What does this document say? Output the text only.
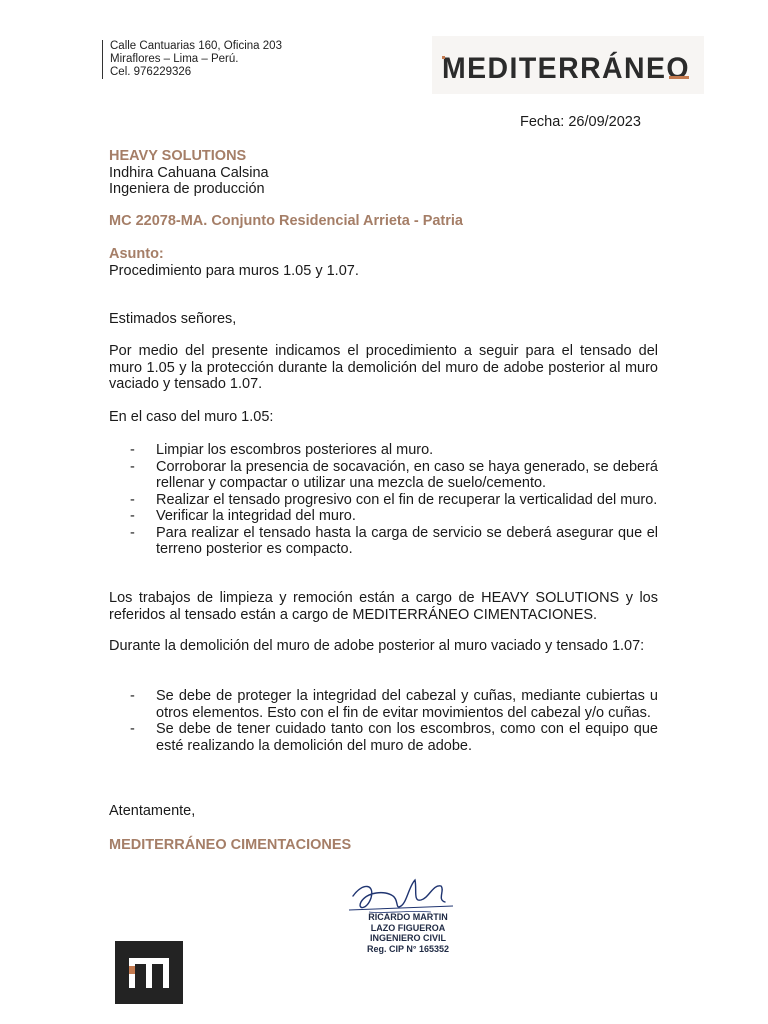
Calle Cantuarias 160, Oficina 203
Miraflores – Lima – Perú.
Cel. 976229326	MEDITERRÁNEO
Fecha: 26/09/2023
HEAVY SOLUTIONS
Indhira Cahuana Calsina
Ingeniera de producción
MC 22078-MA. Conjunto Residencial Arrieta - Patria
Asunto:
Procedimiento para muros 1.05 y 1.07.
Estimados señores,
Por medio del presente indicamos el procedimiento a seguir para el tensado del muro 1.05 y la protección durante la demolición del muro de adobe posterior al muro vaciado y tensado 1.07.
En el caso del muro 1.05:
-	Limpiar los escombros posteriores al muro.
-	Corroborar la presencia de socavación, en caso se haya generado, se deberá rellenar y compactar o utilizar una mezcla de suelo/cemento.
-	Realizar el tensado progresivo con el fin de recuperar la verticalidad del muro.
-	Verificar la integridad del muro.
-	Para realizar el tensado hasta la carga de servicio se deberá asegurar que el terreno posterior es compacto.
Los trabajos de limpieza y remoción están a cargo de HEAVY SOLUTIONS y los referidos al tensado están a cargo de MEDITERRÁNEO CIMENTACIONES.
Durante la demolición del muro de adobe posterior al muro vaciado y tensado 1.07:
-	Se debe de proteger la integridad del cabezal y cuñas, mediante cubiertas u otros elementos. Esto con el fin de evitar movimientos del cabezal y/o cuñas.
-	Se debe de tener cuidado tanto con los escombros, como con el equipo que esté realizando la demolición del muro de adobe.
Atentamente,
MEDITERRÁNEO CIMENTACIONES
RICARDO MARTIN
LAZO FIGUEROA
INGENIERO CIVIL
Reg. CIP N° 165352
